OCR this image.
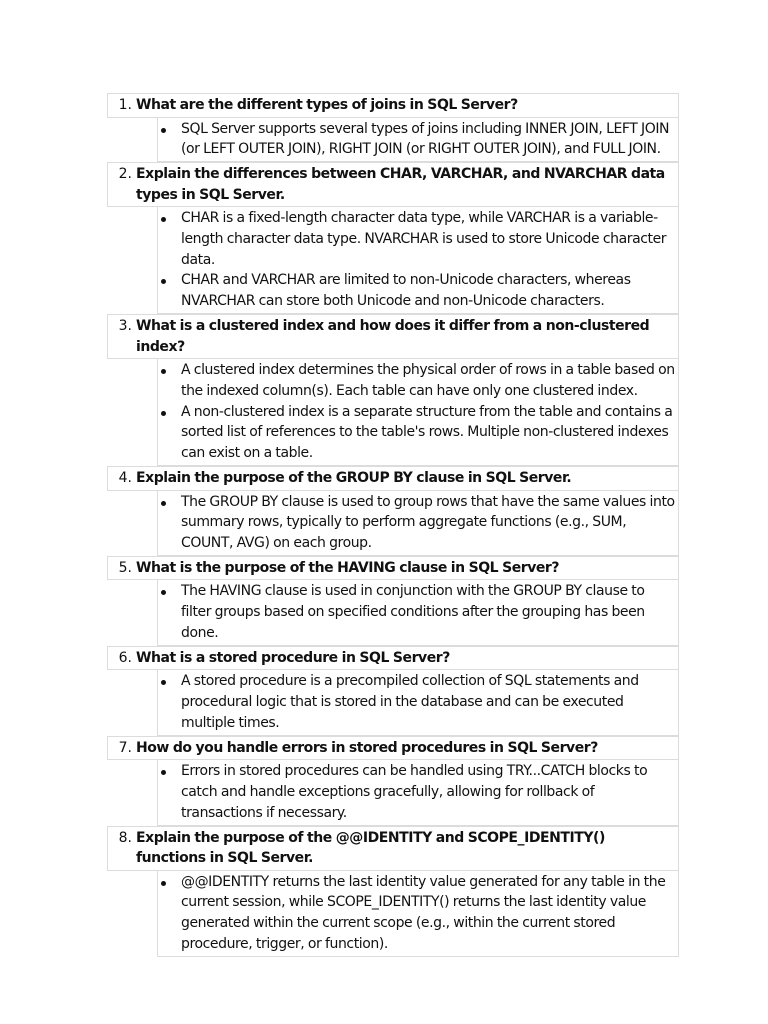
1. What are the different types of joins in SQL Server?
SQL Server supports several types of joins including INNER JOIN, LEFT JOIN (or LEFT OUTER JOIN), RIGHT JOIN (or RIGHT OUTER JOIN), and FULL JOIN.
2. Explain the differences between CHAR, VARCHAR, and NVARCHAR data types in SQL Server.
CHAR is a fixed-length character data type, while VARCHAR is a variable-length character data type. NVARCHAR is used to store Unicode character data.
CHAR and VARCHAR are limited to non-Unicode characters, whereas NVARCHAR can store both Unicode and non-Unicode characters.
3. What is a clustered index and how does it differ from a non-clustered index?
A clustered index determines the physical order of rows in a table based on the indexed column(s). Each table can have only one clustered index.
A non-clustered index is a separate structure from the table and contains a sorted list of references to the table's rows. Multiple non-clustered indexes can exist on a table.
4. Explain the purpose of the GROUP BY clause in SQL Server.
The GROUP BY clause is used to group rows that have the same values into summary rows, typically to perform aggregate functions (e.g., SUM, COUNT, AVG) on each group.
5. What is the purpose of the HAVING clause in SQL Server?
The HAVING clause is used in conjunction with the GROUP BY clause to filter groups based on specified conditions after the grouping has been done.
6. What is a stored procedure in SQL Server?
A stored procedure is a precompiled collection of SQL statements and procedural logic that is stored in the database and can be executed multiple times.
7. How do you handle errors in stored procedures in SQL Server?
Errors in stored procedures can be handled using TRY...CATCH blocks to catch and handle exceptions gracefully, allowing for rollback of transactions if necessary.
8. Explain the purpose of the @@IDENTITY and SCOPE_IDENTITY() functions in SQL Server.
@@IDENTITY returns the last identity value generated for any table in the current session, while SCOPE_IDENTITY() returns the last identity value generated within the current scope (e.g., within the current stored procedure, trigger, or function).
